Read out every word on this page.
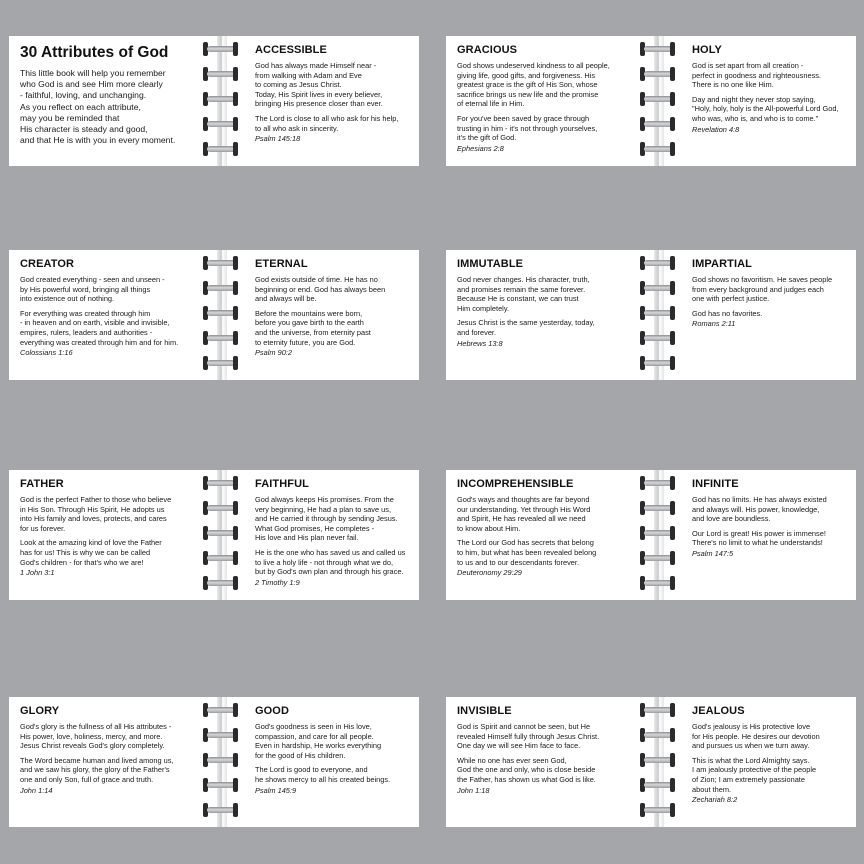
30 Attributes of God
This little book will help you remember
who God is and see Him more clearly
- faithful, loving, and unchanging.
As you reflect on each attribute,
may you be reminded that
His character is steady and good,
and that He is with you in every moment.
ACCESSIBLE
God has always made Himself near -
from walking with Adam and Eve
to coming as Jesus Christ.
Today, His Spirit lives in every believer,
bringing His presence closer than ever.
The Lord is close to all who ask for his help,
to all who ask in sincerity.
Psalm 145:18
GRACIOUS
God shows undeserved kindness to all people,
giving life, good gifts, and forgiveness. His
greatest grace is the gift of His Son, whose
sacrifice brings us new life and the promise
of eternal life in Him.
For you've been saved by grace through
trusting in him - it's not through yourselves,
it's the gift of God.
Ephesians 2:8
HOLY
God is set apart from all creation -
perfect in goodness and righteousness.
There is no one like Him.
Day and night they never stop saying,
"Holy, holy, holy is the All-powerful Lord God,
who was, who is, and who is to come."
Revelation 4:8
CREATOR
God created everything - seen and unseen -
by His powerful word, bringing all things
into existence out of nothing.
For everything was created through him
- in heaven and on earth, visible and invisible,
empires, rulers, leaders and authorities -
everything was created through him and for him.
Colossians 1:16
ETERNAL
God exists outside of time. He has no
beginning or end. God has always been
and always will be.
Before the mountains were born,
before you gave birth to the earth
and the universe, from eternity past
to eternity future, you are God.
Psalm 90:2
IMMUTABLE
God never changes. His character, truth,
and promises remain the same forever.
Because He is constant, we can trust
Him completely.
Jesus Christ is the same yesterday, today,
and forever.
Hebrews 13:8
IMPARTIAL
God shows no favoritism. He saves people
from every background and judges each
one with perfect justice.
God has no favorites.
Romans 2:11
FATHER
God is the perfect Father to those who believe
in His Son. Through His Spirit, He adopts us
into His family and loves, protects, and cares
for us forever.
Look at the amazing kind of love the Father
has for us! This is why we can be called
God's children - for that's who we are!
1 John 3:1
FAITHFUL
God always keeps His promises. From the
very beginning, He had a plan to save us,
and He carried it through by sending Jesus.
What God promises, He completes -
His love and His plan never fail.
He is the one who has saved us and called us
to live a holy life - not through what we do,
but by God's own plan and through his grace.
2 Timothy 1:9
INCOMPREHENSIBLE
God's ways and thoughts are far beyond
our understanding. Yet through His Word
and Spirit, He has revealed all we need
to know about Him.
The Lord our God has secrets that belong
to him, but what has been revealed belong
to us and to our descendants forever.
Deuteronomy 29:29
INFINITE
God has no limits. He has always existed
and always will. His power, knowledge,
and love are boundless.
Our Lord is great! His power is immense!
There's no limit to what he understands!
Psalm 147:5
GLORY
God's glory is the fullness of all His attributes -
His power, love, holiness, mercy, and more.
Jesus Christ reveals God's glory completely.
The Word became human and lived among us,
and we saw his glory, the glory of the Father's
one and only Son, full of grace and truth.
John 1:14
GOOD
God's goodness is seen in His love,
compassion, and care for all people.
Even in hardship, He works everything
for the good of His children.
The Lord is good to everyone, and
he shows mercy to all his created beings.
Psalm 145:9
INVISIBLE
God is Spirit and cannot be seen, but He
revealed Himself fully through Jesus Christ.
One day we will see Him face to face.
While no one has ever seen God,
God the one and only, who is close beside
the Father, has shown us what God is like.
John 1:18
JEALOUS
God's jealousy is His protective love
for His people. He desires our devotion
and pursues us when we turn away.
This is what the Lord Almighty says.
I am jealously protective of the people
of Zion; I am extremely passionate
about them.
Zechariah 8:2
